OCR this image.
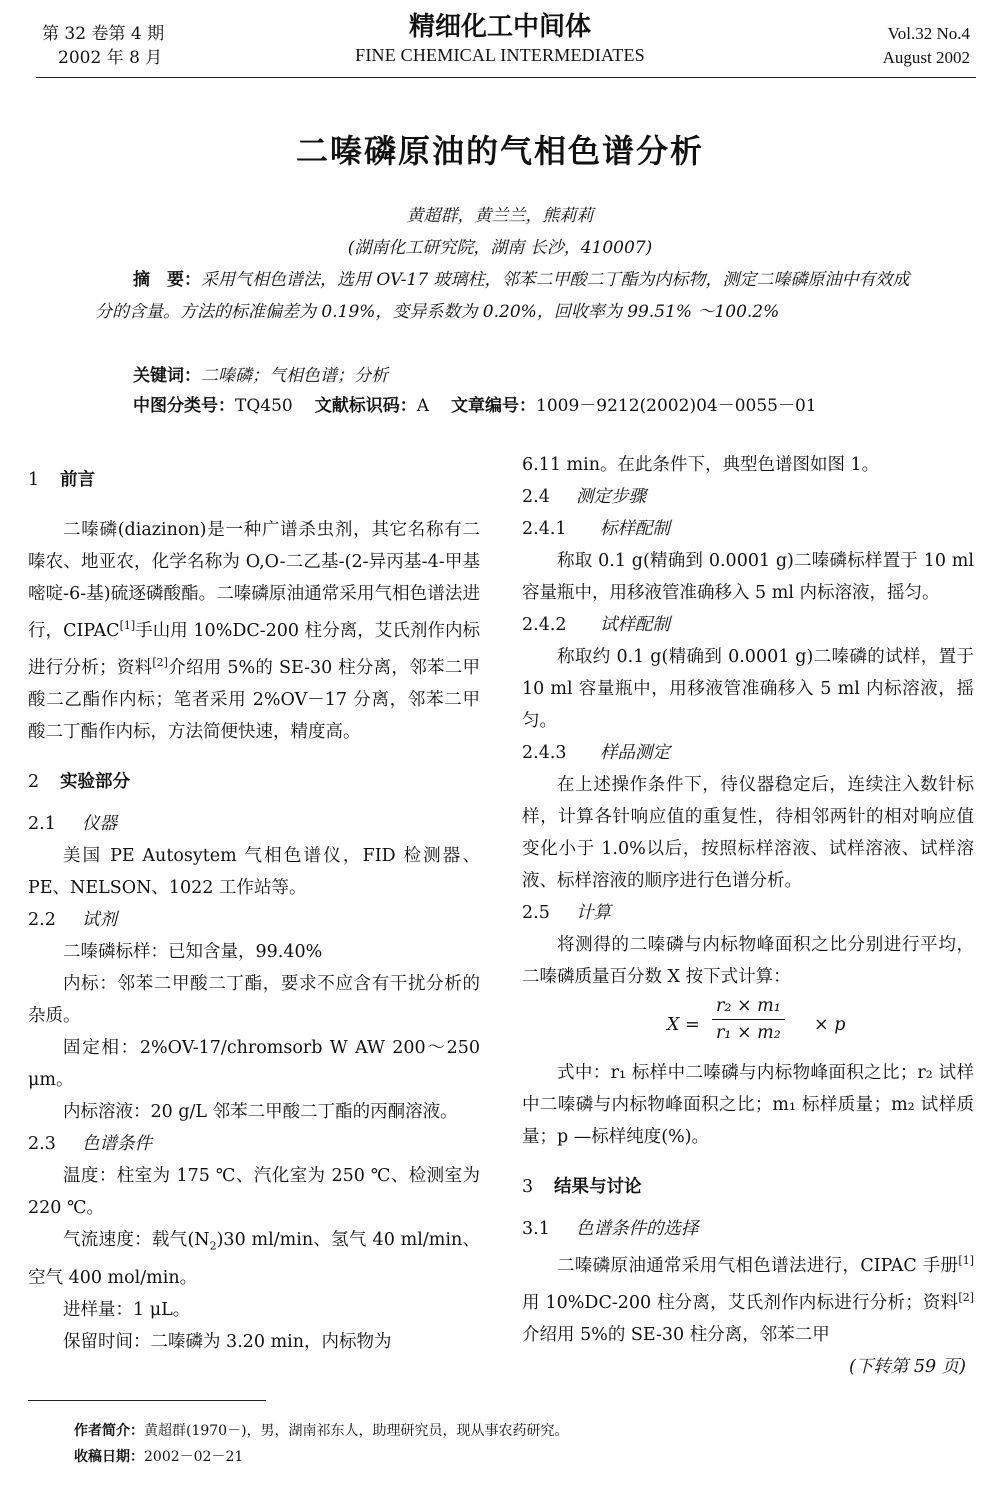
第 32 卷第 4 期
2002 年 8 月
精细化工中间体
FINE CHEMICAL INTERMEDIATES
Vol.32 No.4
August 2002
二嗪磷原油的气相色谱分析
黄超群，黄兰兰，熊莉莉
(湖南化工研究院，湖南 长沙，410007)
摘　要：采用气相色谱法，选用 OV-17 玻璃柱，邻苯二甲酸二丁酯为内标物，测定二嗪磷原油中有效成分的含量。方法的标准偏差为 0.19%，变异系数为 0.20%，回收率为 99.51% ～100.2%
关键词：二嗪磷；气相色谱；分析
中图分类号：TQ450 文献标识码：A 文章编号：1009－9212(2002)04－0055－01

1 前言

二嗪磷(diazinon)是一种广谱杀虫剂，其它名称有二嗪农、地亚农，化学名称为 O,O-二乙基-(2-异丙基-4-甲基嘧啶-6-基)硫逐磷酸酯。二嗪磷原油通常采用气相色谱法进行，CIPAC[1]手山用 10%DC-200 柱分离，艾氏剂作内标进行分析；资料[2]介绍用 5%的 SE-30 柱分离，邻苯二甲酸二乙酯作内标；笔者采用 2%OV－17 分离，邻苯二甲酸二丁酯作内标，方法简便快速，精度高。

2 实验部分

2.1 仪器

美国 PE Autosytem 气相色谱仪，FID 检测器、PE、NELSON、1022 工作站等。

2.2 试剂

二嗪磷标样：已知含量，99.40%

内标：邻苯二甲酸二丁酯，要求不应含有干扰分析的杂质。

固定相：2%OV-17/chromsorb W AW 200～250 μm。

内标溶液：20 g/L 邻苯二甲酸二丁酯的丙酮溶液。

2.3 色谱条件

温度：柱室为 175 ℃、汽化室为 250 ℃、检测室为 220 ℃。

气流速度：载气$(N_2)30$ ml/min、氢气 40 ml/min、空气 400 mol/min。

进样量：1 μL。

保留时间：二嗪磷为 3.20 min，内标物为

6.11 min。在此条件下，典型色谱图如图 1。

2.4 测定步骤

2.4.1 标样配制

称取 0.1 g(精确到 0.0001 g)二嗪磷标样置于 10 ml 容量瓶中，用移液管准确移入 5 ml 内标溶液，摇匀。

2.4.2 试样配制

称取约 0.1 g(精确到 0.0001 g)二嗪磷的试样，置于 10 ml 容量瓶中，用移液管准确移入 5 ml 内标溶液，摇匀。

2.4.3 样品测定

在上述操作条件下，待仪器稳定后，连续注入数针标样，计算各针响应值的重复性，待相邻两针的相对响应值变化小于 1.0%以后，按照标样溶液、试样溶液、试样溶液、标样溶液的顺序进行色谱分析。

2.5 计算

将测得的二嗪磷与内标物峰面积之比分别进行平均，二嗪磷质量百分数 X 按下式计算：

$X = \frac{\text{r₂ × m₁}}{\text{r₁ × m₂}} \times p$

式中：r₁ 标样中二嗪磷与内标物峰面积之比；r₂ 试样中二嗪磷与内标物峰面积之比；m₁ 标样质量；m₂ 试样质量；p —标样纯度(%)。

3 结果与讨论

3.1 色谱条件的选择

二嗪磷原油通常采用气相色谱法进行，CIPAC 手册[1]用 10%DC-200 柱分离，艾氏剂作内标进行分析；资料[2]介绍用 5%的 SE-30 柱分离，邻苯二甲

(下转第 59 页)

作者简介：黄超群(1970－)，男，湖南祁东人，助理研究员，现从事农药研究。
收稿日期：2002－02－21
